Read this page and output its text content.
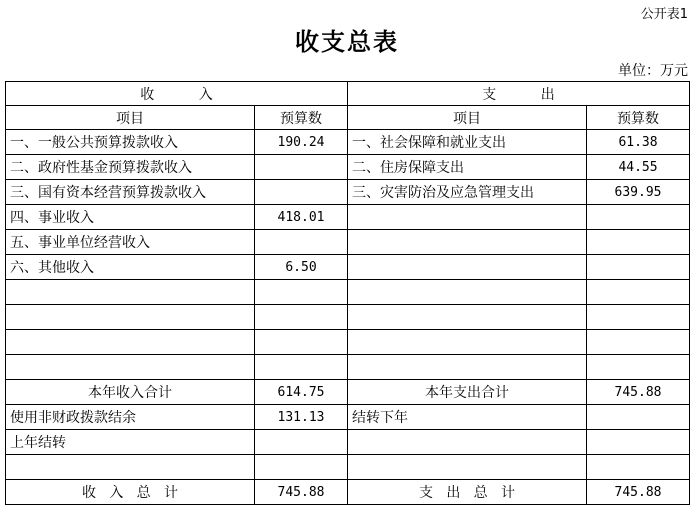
公开表1
收支总表
单位：万元
收          入		支          出	
项目	预算数	项目	预算数
一、一般公共预算拨款收入	190.24	一、社会保障和就业支出	61.38
二、政府性基金预算拨款收入		二、住房保障支出	44.55
三、国有资本经营预算拨款收入		三、灾害防治及应急管理支出	639.95
四、事业收入	418.01		
五、事业单位经营收入			
六、其他收入	6.50		

本年收入合计	614.75	本年支出合计	745.88
使用非财政拨款结余	131.13	结转下年	
上年结转			

收   入   总   计	745.88	支   出   总   计	745.88
